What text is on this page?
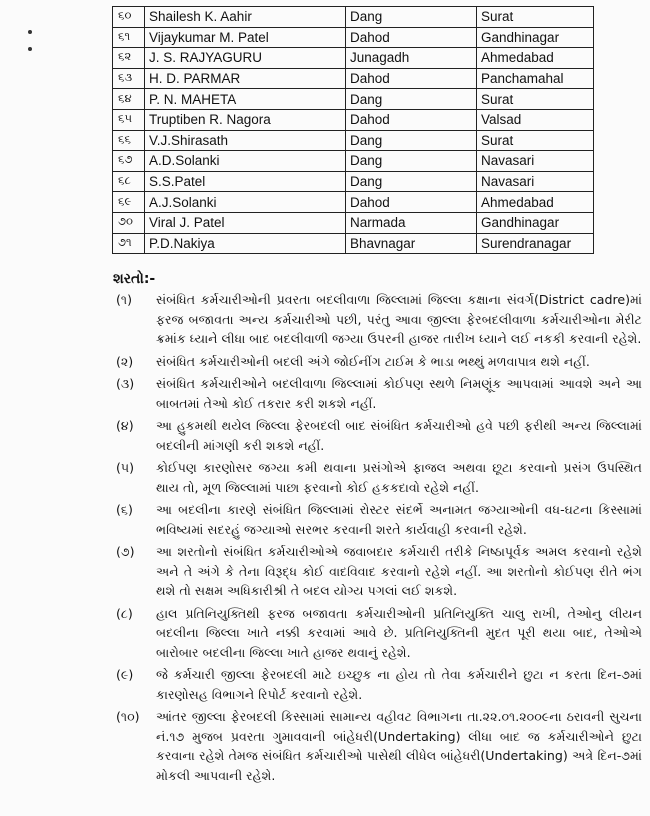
૬૦	Shailesh K. Aahir	Dang	Surat
૬૧	Vijaykumar M. Patel	Dahod	Gandhinagar
૬૨	J. S. RAJYAGURU	Junagadh	Ahmedabad
૬૩	H. D. PARMAR	Dahod	Panchamahal
૬૪	P. N. MAHETA	Dang	Surat
૬૫	Truptiben R. Nagora	Dahod	Valsad
૬૬	V.J.Shirasath	Dang	Surat
૬૭	A.D.Solanki	Dang	Navasari
૬૮	S.S.Patel	Dang	Navasari
૬૯	A.J.Solanki	Dahod	Ahmedabad
૭૦	Viral J. Patel	Narmada	Gandhinagar
૭૧	P.D.Nakiya	Bhavnagar	Surendranagar
શરતો:-
(૧)	સંબંધિત કર્મચારીઓની પ્રવરતા બદલીવાળા જિલ્લામાં જિલ્લા કક્ષાના સંવર્ગ(District cadre)માં ફરજ બજાવતા અન્ય કર્મચારીઓ પછી, પરંતુ આવા જીલ્લા ફેરબદલીવાળા કર્મચારીઓના મેરીટ ક્રમાંક ધ્યાને લીધા બાદ બદલીવાળી જગ્યા ઉપરની હાજર તારીખ ધ્યાને લઈ નકકી કરવાની રહેશે.
(૨)	સંબંધિત કર્મચારીઓની બદલી અંગે જોઈનીંગ ટાઈમ કે ભાડા ભથ્થું મળવાપાત્ર થશે નહીં.
(૩)	સંબંધિત કર્મચારીઓને બદલીવાળા જિલ્લામાં કોઈપણ સ્થળે નિમણૂંક આપવામાં આવશે અને આ બાબતમાં તેઓ કોઈ તકરાર કરી શકશે નહીં.
(૪)	આ હુકમથી થયેલ જિલ્લા ફેરબદલી બાદ સંબંધિત કર્મચારીઓ હવે પછી ફરીથી અન્ય જિલ્લામાં બદલીની માંગણી કરી શકશે નહીં.
(૫)	કોઈપણ કારણોસર જગ્યા કમી થવાના પ્રસંગોએ ફાજલ અથવા છૂટા કરવાનો પ્રસંગ ઉપસ્થિત થાય તો, મૂળ જિલ્લામાં પાછા ફરવાનો કોઈ હકકદાવો રહેશે નહીં.
(૬)	આ બદલીના કારણે સંબંધિત જિલ્લામાં રોસ્ટર સંદર્ભે અનામત જગ્યાઓની વધ-ઘટના કિસ્સામાં ભવિષ્યમાં સદરહું જગ્યાઓ સરભર કરવાની શરતે કાર્યવાહી કરવાની રહેશે.
(૭)	આ શરતોનો સંબંધિત કર્મચારીઓએ જવાબદાર કર્મચારી તરીકે નિષ્ઠાપૂર્વક અમલ કરવાનો રહેશે અને તે અંગે કે તેના વિરૂદ્ધ કોઈ વાદવિવાદ કરવાનો રહેશે નહીં. આ શરતોનો કોઈપણ રીતે ભંગ થશે તો સક્ષમ અધિકારીશ્રી તે બદલ યોગ્ય પગલાં લઈ શકશે.
(૮)	હાલ પ્રતિનિયુક્તિથી ફરજ બજાવતા કર્મચારીઓની પ્રતિનિયુક્તિ ચાલુ રાખી, તેઓનુ લીયન બદલીના જિલ્લા ખાતે નક્કી કરવામાં આવે છે. પ્રતિનિયુક્તિની મુદત પૂરી થયા બાદ, તેઓએ બારોબાર બદલીના જિલ્લા ખાતે હાજર થવાનું રહેશે.
(૯)	જે કર્મચારી જીલ્લા ફેરબદલી માટે ઇચ્છુક ના હોય તો તેવા કર્મચારીને છુટા ન કરતા દિન-૭માં કારણોસહ વિભાગને રિપોર્ટ કરવાનો રહેશે.
(૧૦)	આંતર જીલ્લા ફેરબદલી કિસ્સામાં સામાન્ય વહીવટ વિભાગના તા.૨૨.૦૧.૨૦૦૯ના ઠરાવની સુચના નં.૧૭ મુજબ પ્રવરતા ગુમાવવાની બાંહેધરી(Undertaking) લીધા બાદ જ કર્મચારીઓને છુટા કરવાના રહેશે તેમજ સંબંધિત કર્મચારીઓ પાસેથી લીધેલ બાંહેધરી(Undertaking) અત્રે દિન-૭માં મોકલી આપવાની રહેશે.
